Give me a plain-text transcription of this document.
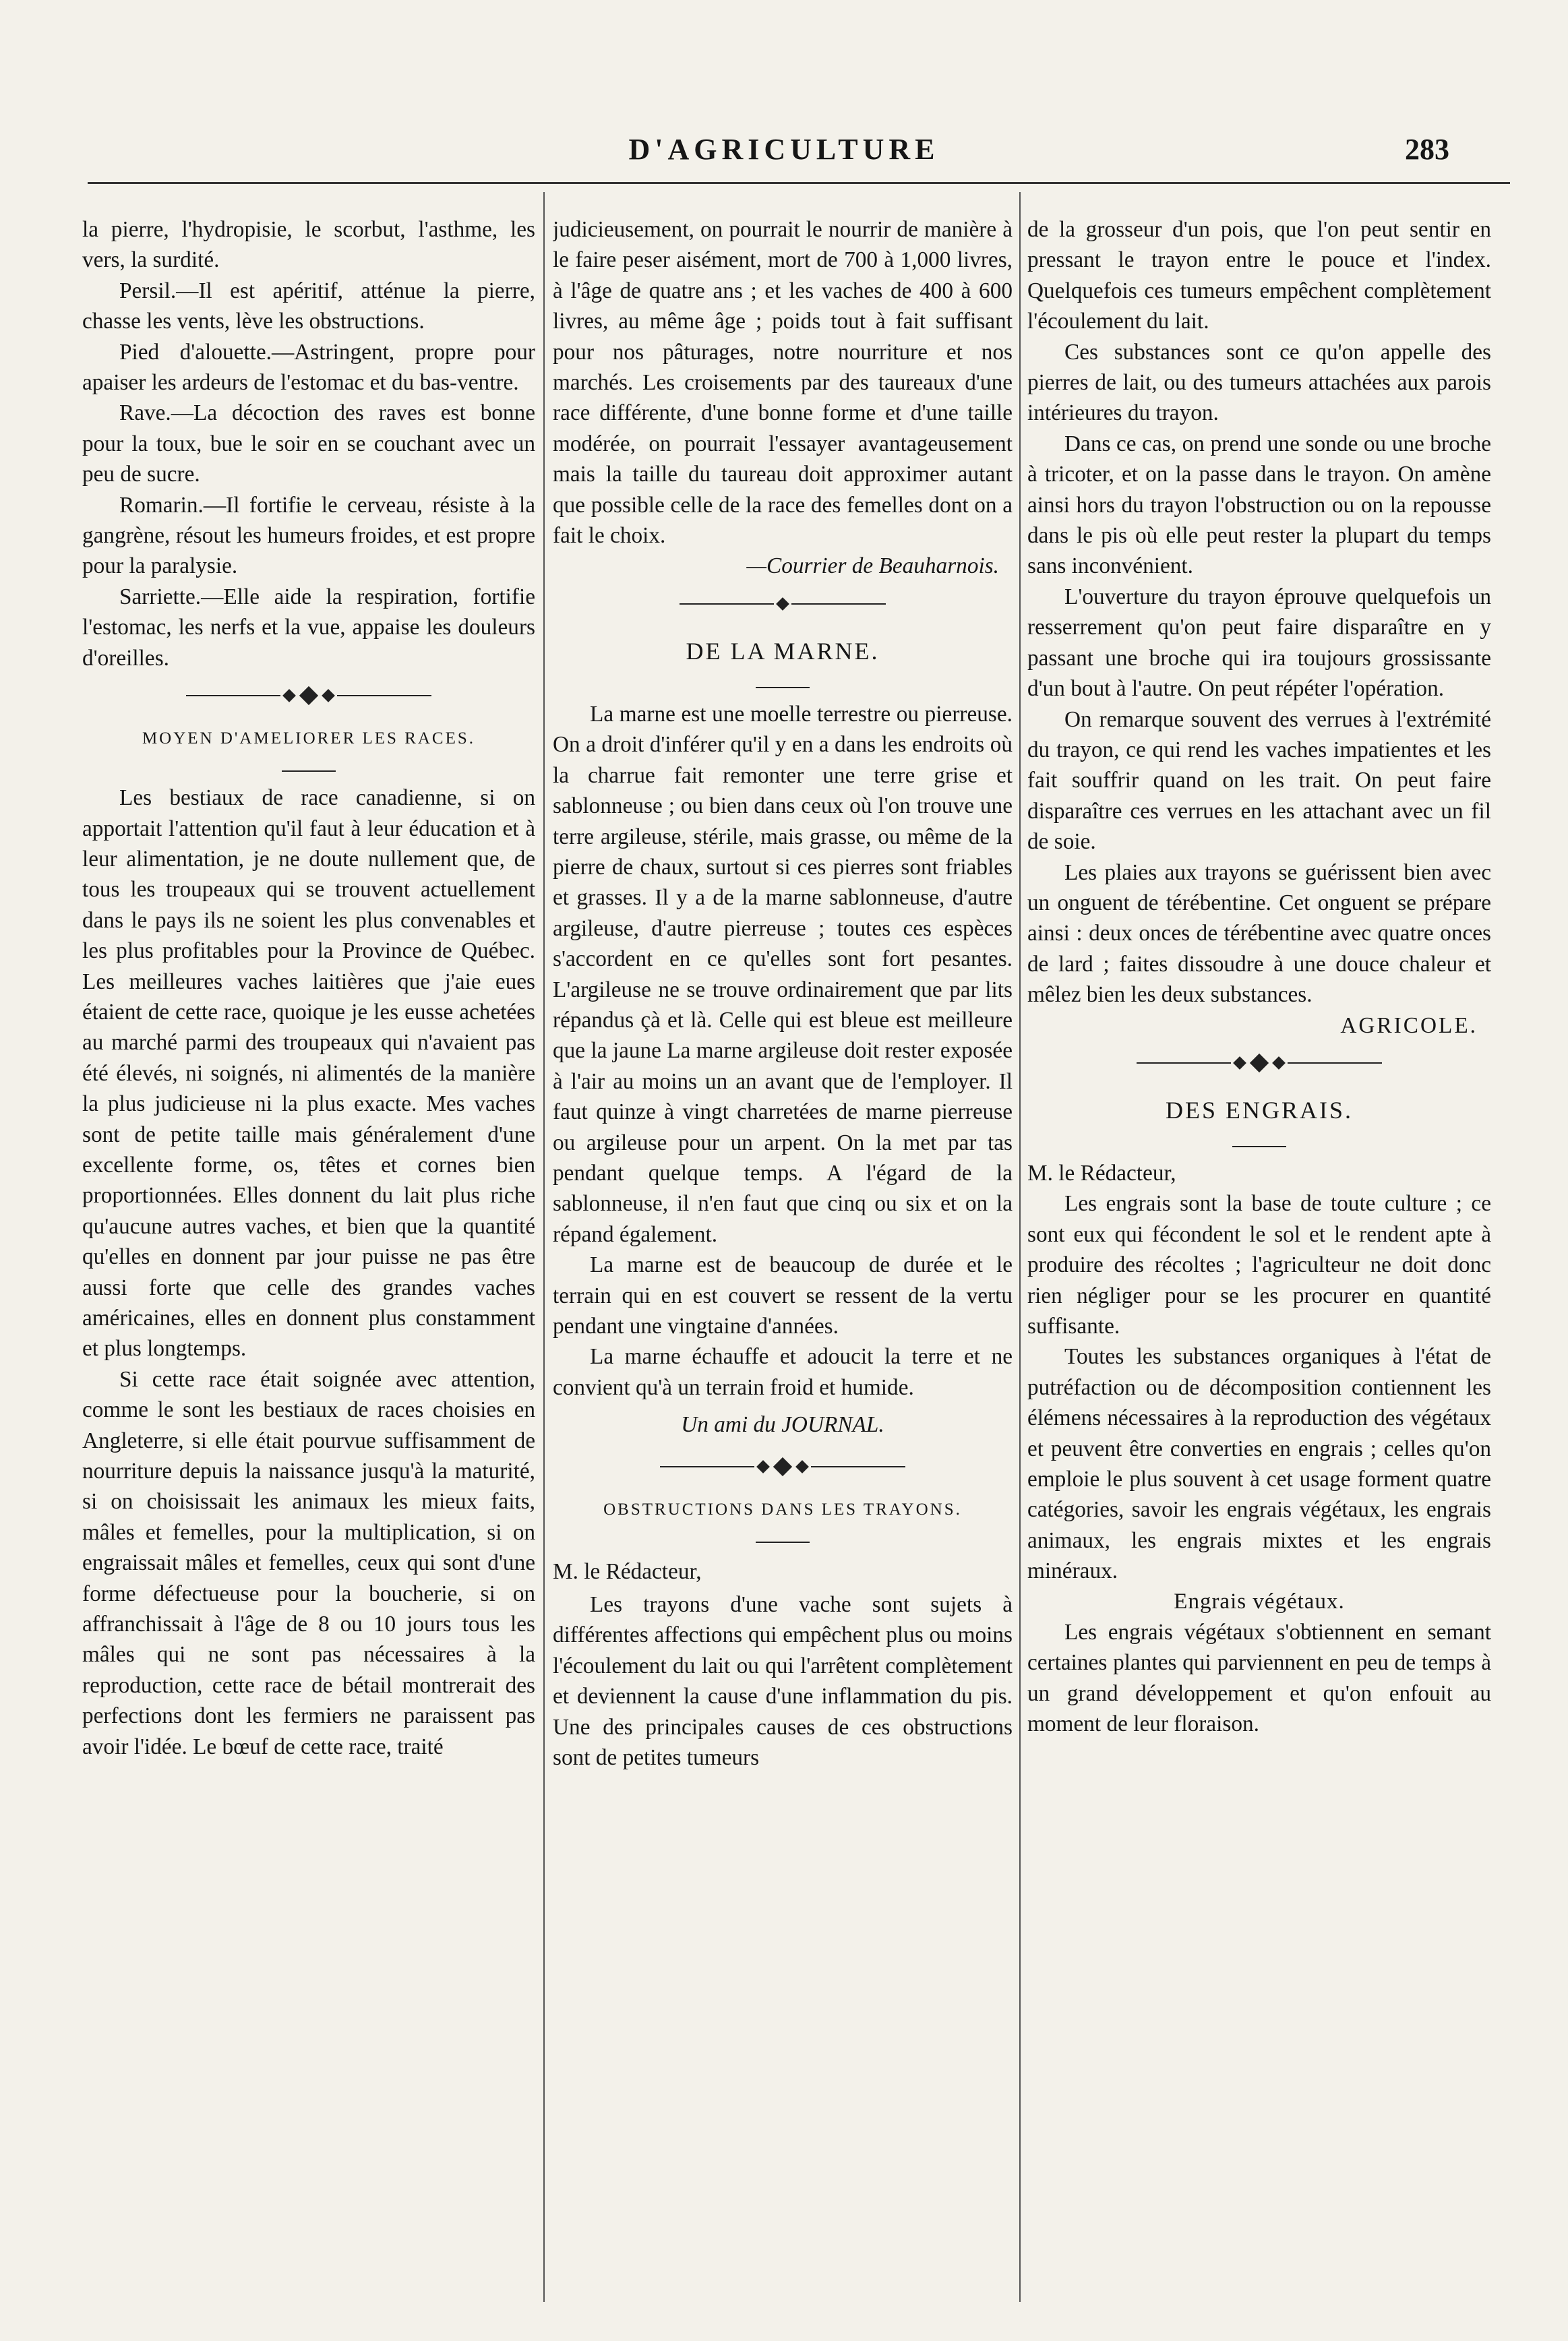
D'AGRICULTURE	283

la pierre, l'hydropisie, le scorbut, l'asthme, les vers, la surdité.

Persil.—Il est apéritif, atténue la pierre, chasse les vents, lève les obstructions.

Pied d'alouette.—Astringent, propre pour apaiser les ardeurs de l'estomac et du bas-ventre.

Rave.—La décoction des raves est bonne pour la toux, bue le soir en se couchant avec un peu de sucre.

Romarin.—Il fortifie le cerveau, résiste à la gangrène, résout les humeurs froides, et est propre pour la paralysie.

Sarriette.—Elle aide la respiration, fortifie l'estomac, les nerfs et la vue, appaise les douleurs d'oreilles.

MOYEN D'AMELIORER LES RACES.

Les bestiaux de race canadienne, si on apportait l'attention qu'il faut à leur éducation et à leur alimentation, je ne doute nullement que, de tous les troupeaux qui se trouvent actuellement dans le pays ils ne soient les plus convenables et les plus profitables pour la Province de Québec. Les meilleures vaches laitières que j'aie eues étaient de cette race, quoique je les eusse achetées au marché parmi des troupeaux qui n'avaient pas été élevés, ni soignés, ni alimentés de la manière la plus judicieuse ni la plus exacte. Mes vaches sont de petite taille mais généralement d'une excellente forme, os, têtes et cornes bien proportionnées. Elles donnent du lait plus riche qu'aucune autres vaches, et bien que la quantité qu'elles en donnent par jour puisse ne pas être aussi forte que celle des grandes vaches américaines, elles en donnent plus constamment et plus longtemps.

Si cette race était soignée avec attention, comme le sont les bestiaux de races choisies en Angleterre, si elle était pourvue suffisamment de nourriture depuis la naissance jusqu'à la maturité, si on choisissait les animaux les mieux faits, mâles et femelles, pour la multiplication, si on engraissait mâles et femelles, ceux qui sont d'une forme défectueuse pour la boucherie, si on affranchissait à l'âge de 8 ou 10 jours tous les mâles qui ne sont pas nécessaires à la reproduction, cette race de bétail montrerait des perfections dont les fermiers ne paraissent pas avoir l'idée. Le bœuf de cette race, traité

judicieusement, on pourrait le nourrir de manière à le faire peser aisément, mort de 700 à 1,000 livres, à l'âge de quatre ans ; et les vaches de 400 à 600 livres, au même âge ; poids tout à fait suffisant pour nos pâturages, notre nourriture et nos marchés. Les croisements par des taureaux d'une race différente, d'une bonne forme et d'une taille modérée, on pourrait l'essayer avantageusement mais la taille du taureau doit approximer autant que possible celle de la race des femelles dont on a fait le choix.

—Courrier de Beauharnois.

DE LA MARNE.

La marne est une moelle terrestre ou pierreuse. On a droit d'inférer qu'il y en a dans les endroits où la charrue fait remonter une terre grise et sablonneuse ; ou bien dans ceux où l'on trouve une terre argileuse, stérile, mais grasse, ou même de la pierre de chaux, surtout si ces pierres sont friables et grasses. Il y a de la marne sablonneuse, d'autre argileuse, d'autre pierreuse ; toutes ces espèces s'accordent en ce qu'elles sont fort pesantes. L'argileuse ne se trouve ordinairement que par lits répandus çà et là. Celle qui est bleue est meilleure que la jaune La marne argileuse doit rester exposée à l'air au moins un an avant que de l'employer. Il faut quinze à vingt charretées de marne pierreuse ou argileuse pour un arpent. On la met par tas pendant quelque temps. A l'égard de la sablonneuse, il n'en faut que cinq ou six et on la répand également.

La marne est de beaucoup de durée et le terrain qui en est couvert se ressent de la vertu pendant une vingtaine d'années.

La marne échauffe et adoucit la terre et ne convient qu'à un terrain froid et humide.

Un ami du JOURNAL.

OBSTRUCTIONS DANS LES TRAYONS.

M. le Rédacteur,

Les trayons d'une vache sont sujets à différentes affections qui empêchent plus ou moins l'écoulement du lait ou qui l'arrêtent complètement et deviennent la cause d'une inflammation du pis. Une des principales causes de ces obstructions sont de petites tumeurs

de la grosseur d'un pois, que l'on peut sentir en pressant le trayon entre le pouce et l'index. Quelquefois ces tumeurs empêchent complètement l'écoulement du lait.

Ces substances sont ce qu'on appelle des pierres de lait, ou des tumeurs attachées aux parois intérieures du trayon.

Dans ce cas, on prend une sonde ou une broche à tricoter, et on la passe dans le trayon. On amène ainsi hors du trayon l'obstruction ou on la repousse dans le pis où elle peut rester la plupart du temps sans inconvénient.

L'ouverture du trayon éprouve quelquefois un resserrement qu'on peut faire disparaître en y passant une broche qui ira toujours grossissante d'un bout à l'autre. On peut répéter l'opération.

On remarque souvent des verrues à l'extrémité du trayon, ce qui rend les vaches impatientes et les fait souffrir quand on les trait. On peut faire disparaître ces verrues en les attachant avec un fil de soie.

Les plaies aux trayons se guérissent bien avec un onguent de térébentine. Cet onguent se prépare ainsi : deux onces de térébentine avec quatre onces de lard ; faites dissoudre à une douce chaleur et mêlez bien les deux substances.

AGRICOLE.

DES ENGRAIS.

M. le Rédacteur,

Les engrais sont la base de toute culture ; ce sont eux qui fécondent le sol et le rendent apte à produire des récoltes ; l'agriculteur ne doit donc rien négliger pour se les procurer en quantité suffisante.

Toutes les substances organiques à l'état de putréfaction ou de décomposition contiennent les élémens nécessaires à la reproduction des végétaux et peuvent être converties en engrais ; celles qu'on emploie le plus souvent à cet usage forment quatre catégories, savoir les engrais végétaux, les engrais animaux, les engrais mixtes et les engrais minéraux.

Engrais végétaux.

Les engrais végétaux s'obtiennent en semant certaines plantes qui parviennent en peu de temps à un grand développement et qu'on enfouit au moment de leur floraison.
